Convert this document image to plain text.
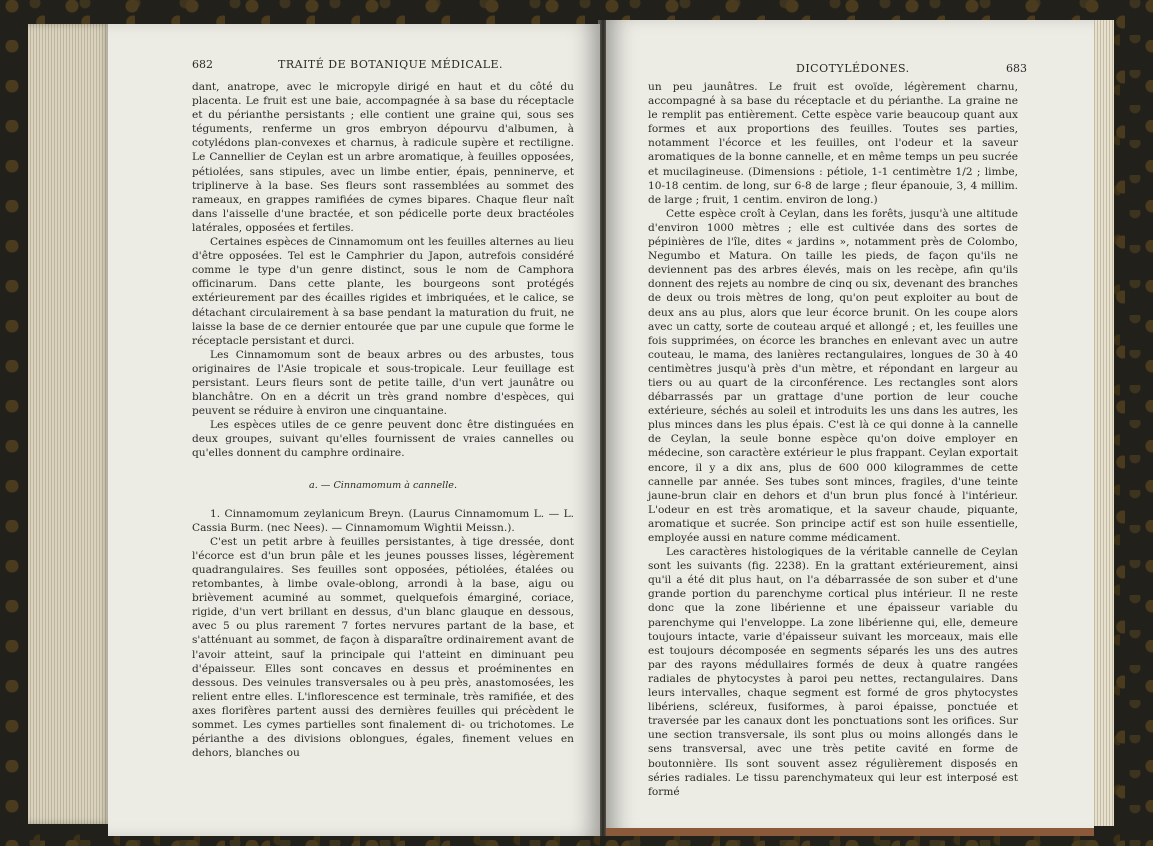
682	TRAITÉ DE BOTANIQUE MÉDICALE.

dant, anatrope, avec le micropyle dirigé en haut et du côté du placenta. Le fruit est une baie, accompagnée à sa base du réceptacle et du périanthe persistants ; elle contient une graine qui, sous ses téguments, renferme un gros embryon dépourvu d'albumen, à cotylédons plan-convexes et charnus, à radicule supère et rectiligne. Le Cannellier de Ceylan est un arbre aromatique, à feuilles opposées, pétiolées, sans stipules, avec un limbe entier, épais, penninerve, et triplinerve à la base. Ses fleurs sont rassemblées au sommet des rameaux, en grappes ramifiées de cymes bipares. Chaque fleur naît dans l'aisselle d'une bractée, et son pédicelle porte deux bractéoles latérales, opposées et fertiles.

Certaines espèces de Cinnamomum ont les feuilles alternes au lieu d'être opposées. Tel est le Camphrier du Japon, autrefois considéré comme le type d'un genre distinct, sous le nom de Camphora officinarum. Dans cette plante, les bourgeons sont protégés extérieurement par des écailles rigides et imbriquées, et le calice, se détachant circulairement à sa base pendant la maturation du fruit, ne laisse la base de ce dernier entourée que par une cupule que forme le réceptacle persistant et durci.

Les Cinnamomum sont de beaux arbres ou des arbustes, tous originaires de l'Asie tropicale et sous-tropicale. Leur feuillage est persistant. Leurs fleurs sont de petite taille, d'un vert jaunâtre ou blanchâtre. On en a décrit un très grand nombre d'espèces, qui peuvent se réduire à environ une cinquantaine.

Les espèces utiles de ce genre peuvent donc être distinguées en deux groupes, suivant qu'elles fournissent de vraies cannelles ou qu'elles donnent du camphre ordinaire.

a. — Cinnamomum à cannelle.

1. Cinnamomum zeylanicum Breyn. (Laurus Cinnamomum L. — L. Cassia Burm. (nec Nees). — Cinnamomum Wightii Meissn.).

C'est un petit arbre à feuilles persistantes, à tige dressée, dont l'écorce est d'un brun pâle et les jeunes pousses lisses, légèrement quadrangulaires. Ses feuilles sont opposées, pétiolées, étalées ou retombantes, à limbe ovale-oblong, arrondi à la base, aigu ou brièvement acuminé au sommet, quelquefois émarginé, coriace, rigide, d'un vert brillant en dessus, d'un blanc glauque en dessous, avec 5 ou plus rarement 7 fortes nervures partant de la base, et s'atténuant au sommet, de façon à disparaître ordinairement avant de l'avoir atteint, sauf la principale qui l'atteint en diminuant peu d'épaisseur. Elles sont concaves en dessus et proéminentes en dessous. Des veinules transversales ou à peu près, anastomosées, les relient entre elles. L'inflorescence est terminale, très ramifiée, et des axes florifères partent aussi des dernières feuilles qui précèdent le sommet. Les cymes partielles sont finalement di- ou trichotomes. Le périanthe a des divisions oblongues, égales, finement velues en dehors, blanches ou

DICOTYLÉDONES.	683

un peu jaunâtres. Le fruit est ovoïde, légèrement charnu, accompagné à sa base du réceptacle et du périanthe. La graine ne le remplit pas entièrement. Cette espèce varie beaucoup quant aux formes et aux proportions des feuilles. Toutes ses parties, notamment l'écorce et les feuilles, ont l'odeur et la saveur aromatiques de la bonne cannelle, et en même temps un peu sucrée et mucilagineuse. (Dimensions : pétiole, 1-1 centimètre 1/2 ; limbe, 10-18 centim. de long, sur 6-8 de large ; fleur épanouie, 3, 4 millim. de large ; fruit, 1 centim. environ de long.)

Cette espèce croît à Ceylan, dans les forêts, jusqu'à une altitude d'environ 1000 mètres ; elle est cultivée dans des sortes de pépinières de l'île, dites « jardins », notamment près de Colombo, Negumbo et Matura. On taille les pieds, de façon qu'ils ne deviennent pas des arbres élevés, mais on les recèpe, afin qu'ils donnent des rejets au nombre de cinq ou six, devenant des branches de deux ou trois mètres de long, qu'on peut exploiter au bout de deux ans au plus, alors que leur écorce brunit. On les coupe alors avec un catty, sorte de couteau arqué et allongé ; et, les feuilles une fois supprimées, on écorce les branches en enlevant avec un autre couteau, le mama, des lanières rectangulaires, longues de 30 à 40 centimètres jusqu'à près d'un mètre, et répondant en largeur au tiers ou au quart de la circonférence. Les rectangles sont alors débarrassés par un grattage d'une portion de leur couche extérieure, séchés au soleil et introduits les uns dans les autres, les plus minces dans les plus épais. C'est là ce qui donne à la cannelle de Ceylan, la seule bonne espèce qu'on doive employer en médecine, son caractère extérieur le plus frappant. Ceylan exportait encore, il y a dix ans, plus de 600 000 kilogrammes de cette cannelle par année. Ses tubes sont minces, fragiles, d'une teinte jaune-brun clair en dehors et d'un brun plus foncé à l'intérieur. L'odeur en est très aromatique, et la saveur chaude, piquante, aromatique et sucrée. Son principe actif est son huile essentielle, employée aussi en nature comme médicament.

Les caractères histologiques de la véritable cannelle de Ceylan sont les suivants (fig. 2238). En la grattant extérieurement, ainsi qu'il a été dit plus haut, on l'a débarrassée de son suber et d'une grande portion du parenchyme cortical plus intérieur. Il ne reste donc que la zone libérienne et une épaisseur variable du parenchyme qui l'enveloppe. La zone libérienne qui, elle, demeure toujours intacte, varie d'épaisseur suivant les morceaux, mais elle est toujours décomposée en segments séparés les uns des autres par des rayons médullaires formés de deux à quatre rangées radiales de phytocystes à paroi peu nettes, rectangulaires. Dans leurs intervalles, chaque segment est formé de gros phytocystes libériens, scléreux, fusiformes, à paroi épaisse, ponctuée et traversée par les canaux dont les ponctuations sont les orifices. Sur une section transversale, ils sont plus ou moins allongés dans le sens transversal, avec une très petite cavité en forme de boutonnière. Ils sont souvent assez régulièrement disposés en séries radiales. Le tissu parenchymateux qui leur est interposé est formé
